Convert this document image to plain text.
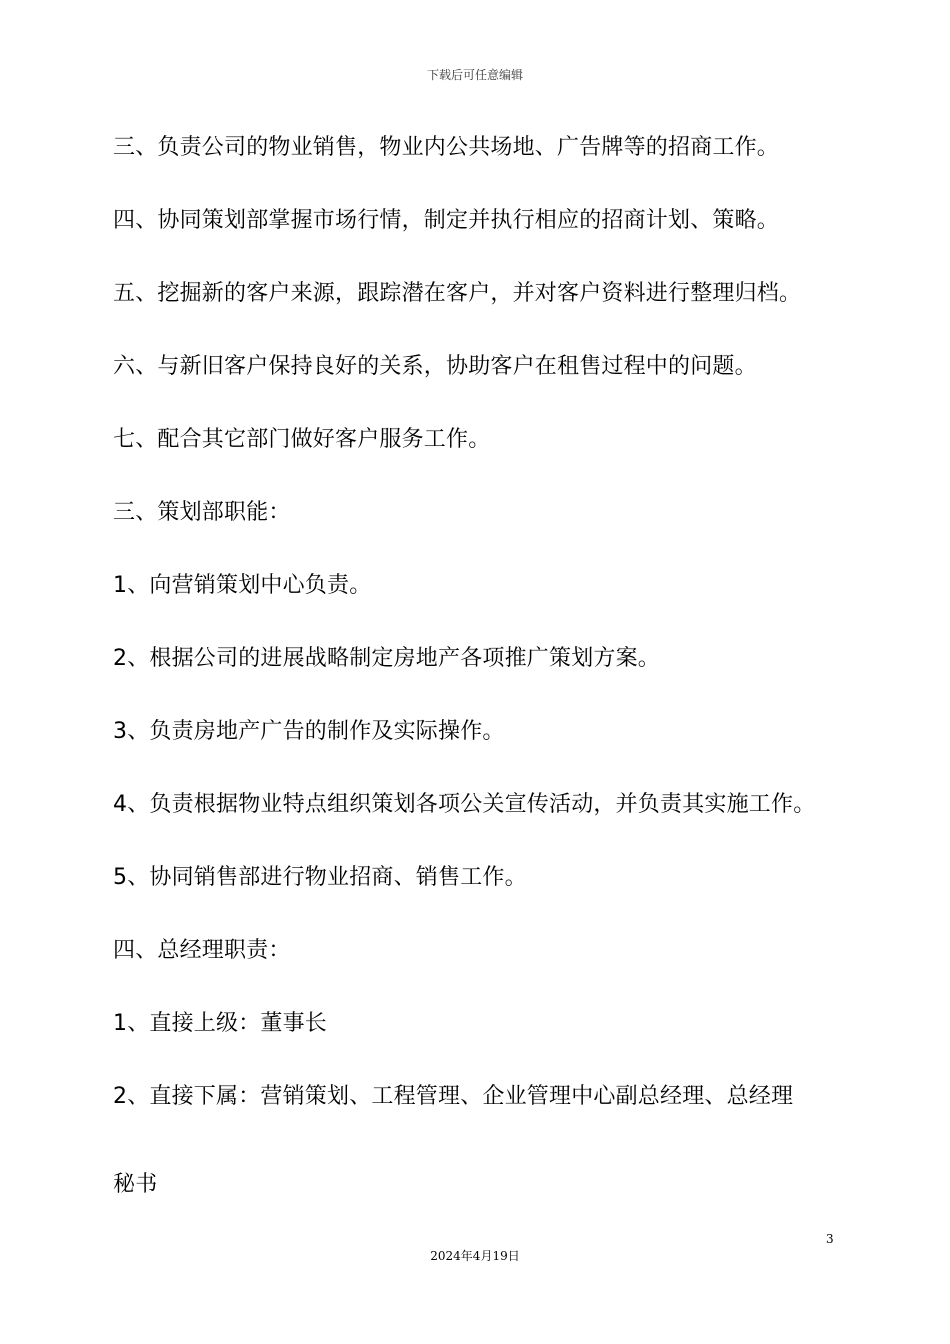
下载后可任意编辑
三、负责公司的物业销售，物业内公共场地、广告牌等的招商工作。
四、协同策划部掌握市场行情，制定并执行相应的招商计划、策略。
五、挖掘新的客户来源，跟踪潜在客户，并对客户资料进行整理归档。
六、与新旧客户保持良好的关系，协助客户在租售过程中的问题。
七、配合其它部门做好客户服务工作。
三、策划部职能：
1、向营销策划中心负责。
2、根据公司的进展战略制定房地产各项推广策划方案。
3、负责房地产广告的制作及实际操作。
4、负责根据物业特点组织策划各项公关宣传活动，并负责其实施工作。
5、协同销售部进行物业招商、销售工作。
四、总经理职责：
1、直接上级：董事长
2、直接下属：营销策划、工程管理、企业管理中心副总经理、总经理
秘书
3
2024年4月19日
